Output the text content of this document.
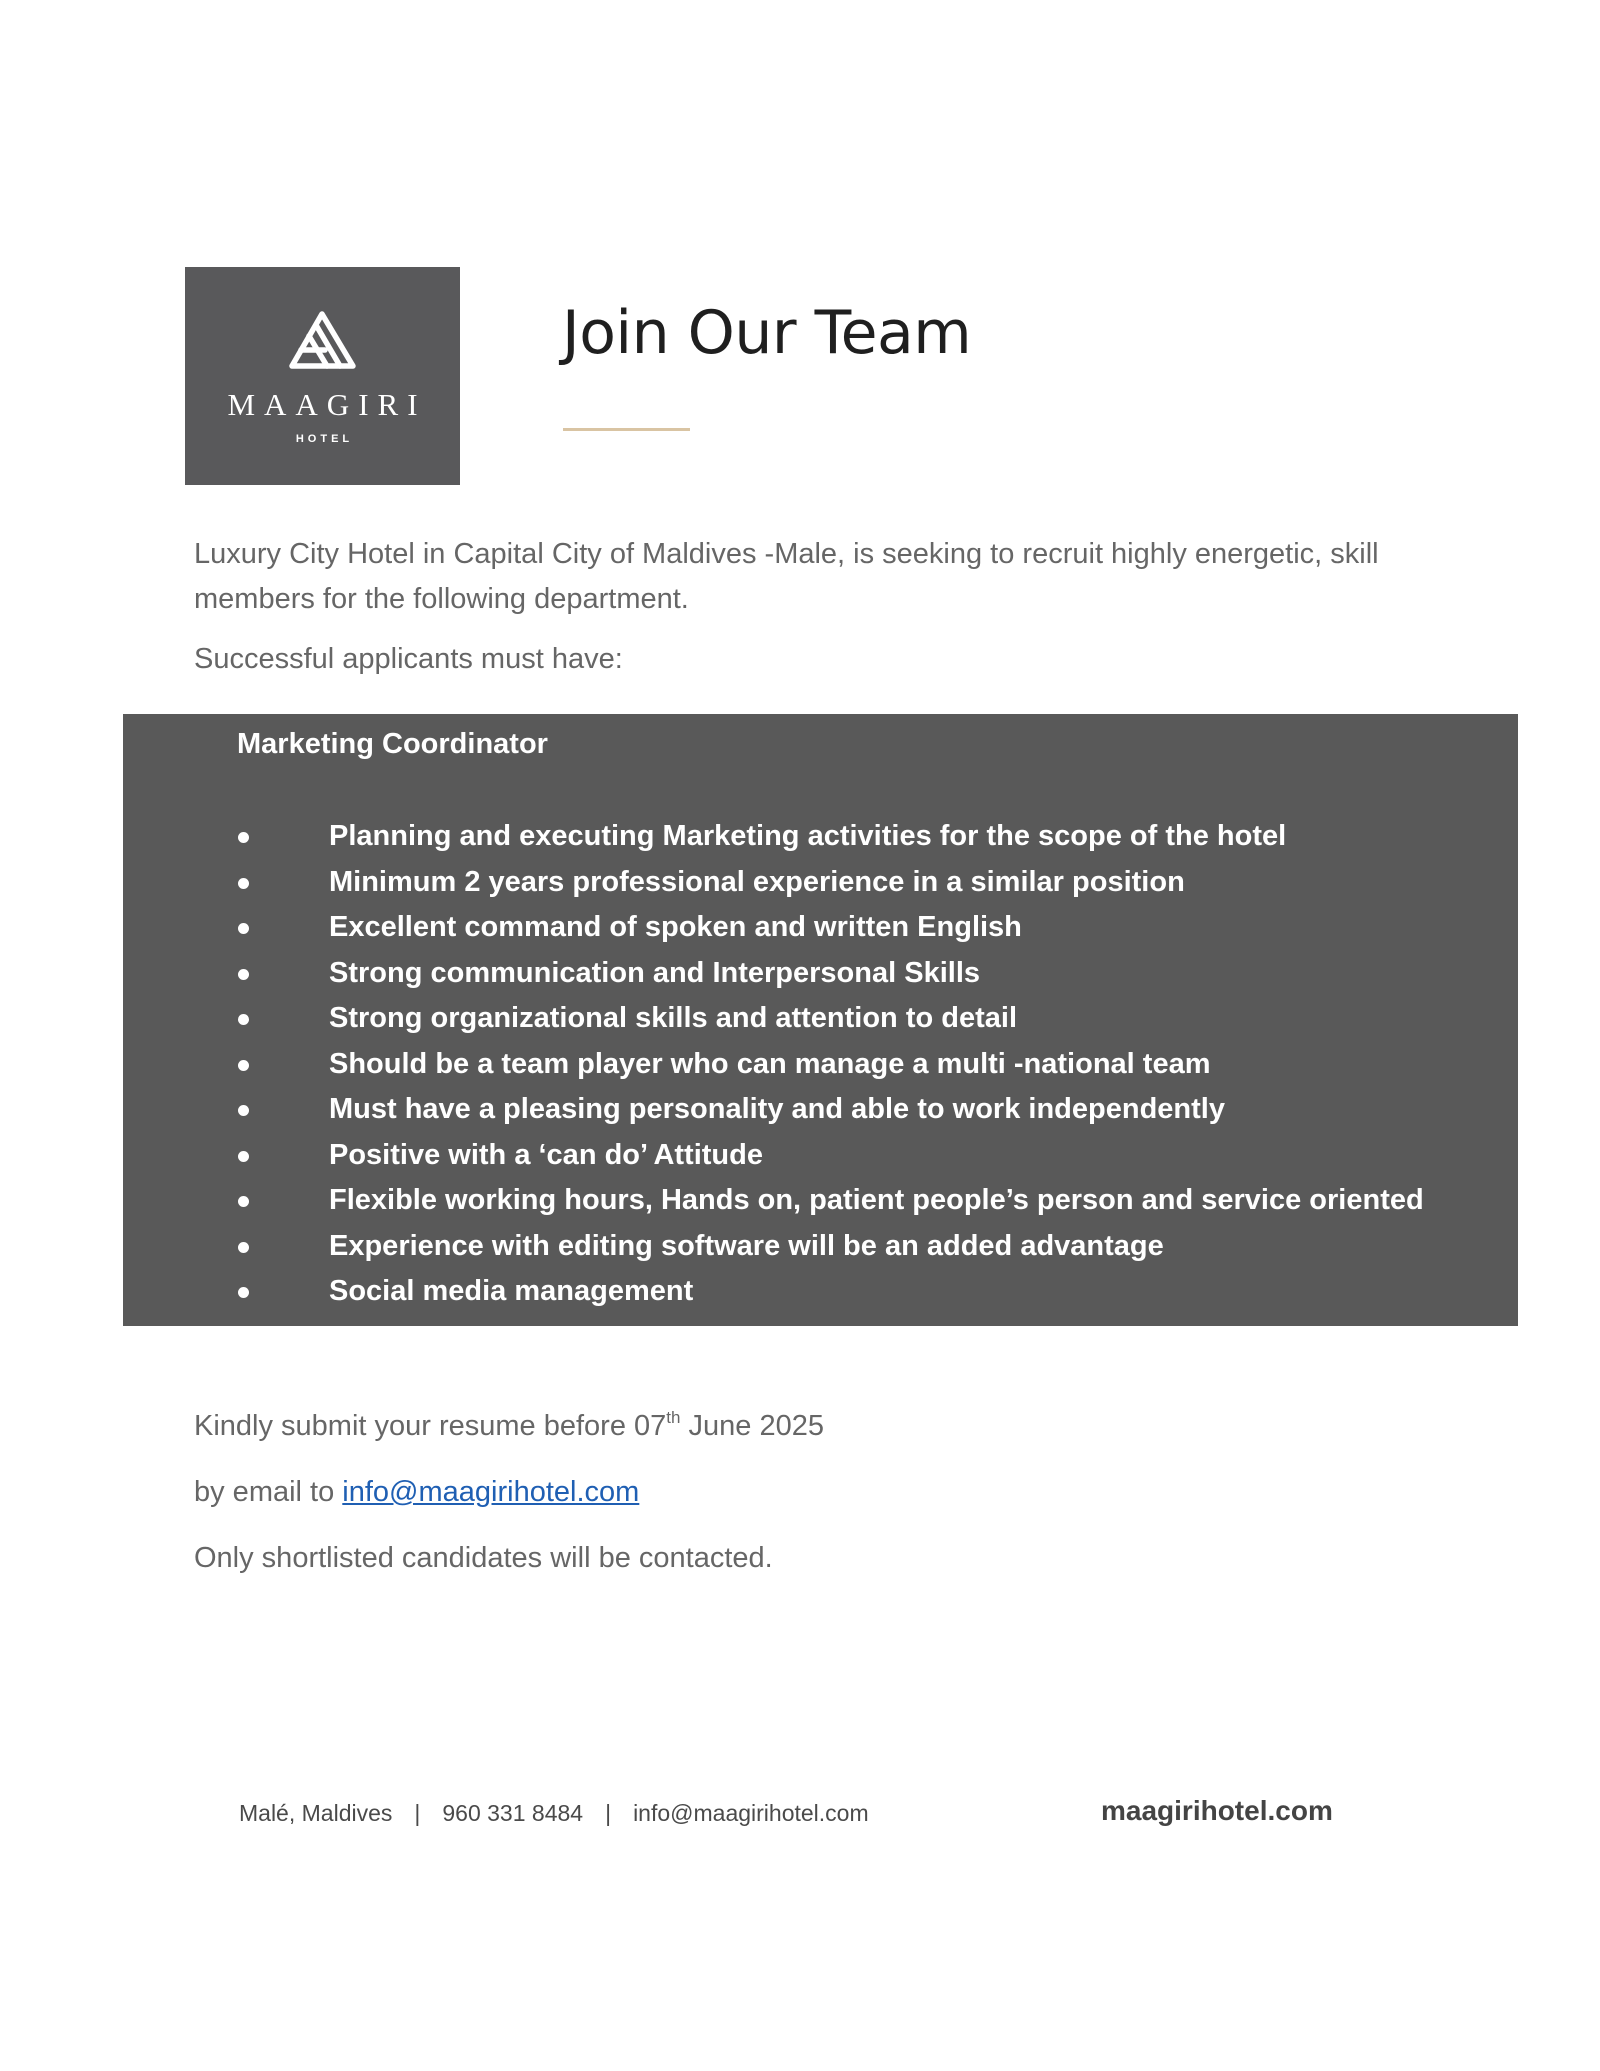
MAAGIRI
HOTEL
Join Our Team
Luxury City Hotel in Capital City of Maldives -Male, is seeking to recruit highly energetic, skill members for the following department.
Successful applicants must have:
Marketing Coordinator
Planning and executing Marketing activities for the scope of the hotel
Minimum 2 years professional experience in a similar position
Excellent command of spoken and written English
Strong communication and Interpersonal Skills
Strong organizational skills and attention to detail
Should be a team player who can manage a multi -national team
Must have a pleasing personality and able to work independently
Positive with a ‘can do’ Attitude
Flexible working hours, Hands on, patient people’s person and service oriented
Experience with editing software will be an added advantage
Social media management
Kindly submit your resume before 07th June 2025
by email to info@maagirihotel.com
Only shortlisted candidates will be contacted.
Malé, Maldives | 960 331 8484 | info@maagirihotel.com	maagirihotel.com
